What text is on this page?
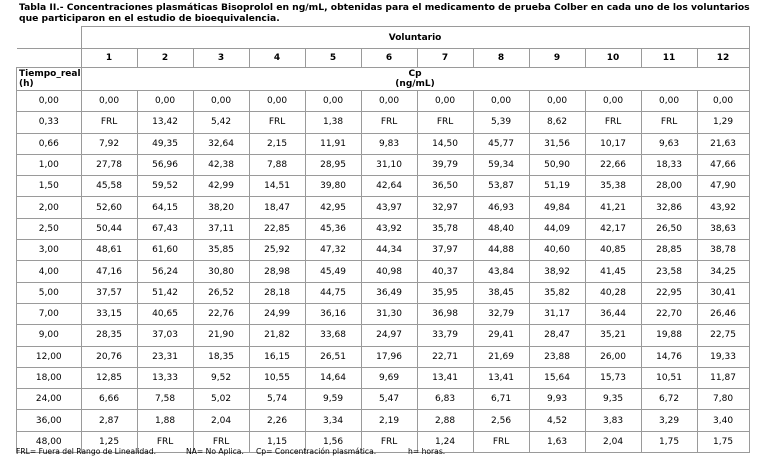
Tabla II.- Concentraciones plasmáticas Bisoprolol en ng/mL, obtenidas para el medicamento de prueba Colber en cada uno de los voluntarios que participaron en el estudio de bioequivalencia.
	Voluntario											
	1	2	3	4	5	6	7	8	9	10	11	12
Tiempo_real
(h)	Cp
(ng/mL)											
0,00	0,00	0,00	0,00	0,00	0,00	0,00	0,00	0,00	0,00	0,00	0,00	0,00
0,33	FRL	13,42	5,42	FRL	1,38	FRL	FRL	5,39	8,62	FRL	FRL	1,29
0,66	7,92	49,35	32,64	2,15	11,91	9,83	14,50	45,77	31,56	10,17	9,63	21,63
1,00	27,78	56,96	42,38	7,88	28,95	31,10	39,79	59,34	50,90	22,66	18,33	47,66
1,50	45,58	59,52	42,99	14,51	39,80	42,64	36,50	53,87	51,19	35,38	28,00	47,90
2,00	52,60	64,15	38,20	18,47	42,95	43,97	32,97	46,93	49,84	41,21	32,86	43,92
2,50	50,44	67,43	37,11	22,85	45,36	43,92	35,78	48,40	44,09	42,17	26,50	38,63
3,00	48,61	61,60	35,85	25,92	47,32	44,34	37,97	44,88	40,60	40,85	28,85	38,78
4,00	47,16	56,24	30,80	28,98	45,49	40,98	40,37	43,84	38,92	41,45	23,58	34,25
5,00	37,57	51,42	26,52	28,18	44,75	36,49	35,95	38,45	35,82	40,28	22,95	30,41
7,00	33,15	40,65	22,76	24,99	36,16	31,30	36,98	32,79	31,17	36,44	22,70	26,46
9,00	28,35	37,03	21,90	21,82	33,68	24,97	33,79	29,41	28,47	35,21	19,88	22,75
12,00	20,76	23,31	18,35	16,15	26,51	17,96	22,71	21,69	23,88	26,00	14,76	19,33
18,00	12,85	13,33	9,52	10,55	14,64	9,69	13,41	13,41	15,64	15,73	10,51	11,87
24,00	6,66	7,58	5,02	5,74	9,59	5,47	6,83	6,71	9,93	9,35	6,72	7,80
36,00	2,87	1,88	2,04	2,26	3,34	2,19	2,88	2,56	4,52	3,83	3,29	3,40
48,00	1,25	FRL	FRL	1,15	1,56	FRL	1,24	FRL	1,63	2,04	1,75	1,75
FRL= Fuera del Rango de Linealidad.	NA= No Aplica. Cp= Concentración plasmática.	h= horas.
